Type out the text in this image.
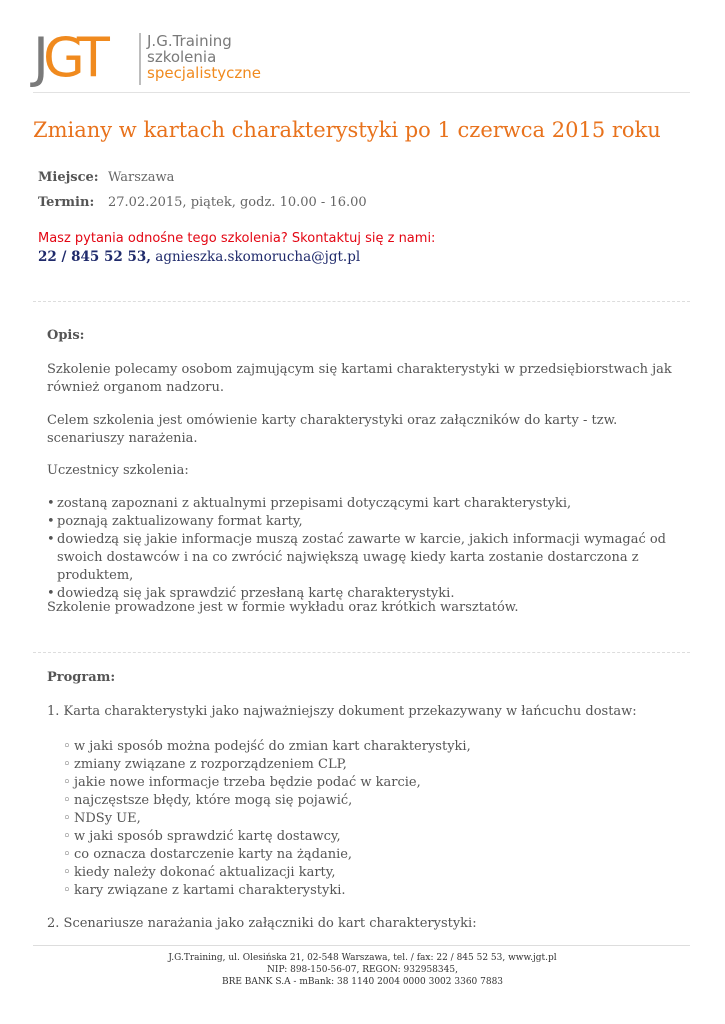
JGT	J.G.Training
szkolenia
specjalistyczne
Zmiany w kartach charakterystyki po 1 czerwca 2015 roku
Miejsce: Warszawa
Termin: 27.02.2015, piątek, godz. 10.00 - 16.00
Masz pytania odnośne tego szkolenia? Skontaktuj się z nami:
22 / 845 52 53, agnieszka.skomorucha@jgt.pl
Opis:

Szkolenie polecamy osobom zajmującym się kartami charakterystyki w przedsiębiorstwach jak również organom nadzoru.

Celem szkolenia jest omówienie karty charakterystyki oraz załączników do karty - tzw. scenariuszy narażenia.

Uczestnicy szkolenia:

• zostaną zapoznani z aktualnymi przepisami dotyczącymi kart charakterystyki,
• poznają zaktualizowany format karty,
• dowiedzą się jakie informacje muszą zostać zawarte w karcie, jakich informacji wymagać od swoich dostawców i na co zwrócić największą uwagę kiedy karta zostanie dostarczona z produktem,
• dowiedzą się jak sprawdzić przesłaną kartę charakterystyki.

Szkolenie prowadzone jest w formie wykładu oraz krótkich warsztatów.

Program:
1. Karta charakterystyki jako najważniejszy dokument przekazywany w łańcuchu dostaw:
◦ w jaki sposób można podejść do zmian kart charakterystyki,
◦ zmiany związane z rozporządzeniem CLP,
◦ jakie nowe informacje trzeba będzie podać w karcie,
◦ najczęstsze błędy, które mogą się pojawić,
◦ NDSy UE,
◦ w jaki sposób sprawdzić kartę dostawcy,
◦ co oznacza dostarczenie karty na żądanie,
◦ kiedy należy dokonać aktualizacji karty,
◦ kary związane z kartami charakterystyki.
2. Scenariusze narażania jako załączniki do kart charakterystyki:
J.G.Training, ul. Olesińska 21, 02-548 Warszawa, tel. / fax: 22 / 845 52 53, www.jgt.pl
NIP: 898-150-56-07, REGON: 932958345,
BRE BANK S.A - mBank: 38 1140 2004 0000 3002 3360 7883
